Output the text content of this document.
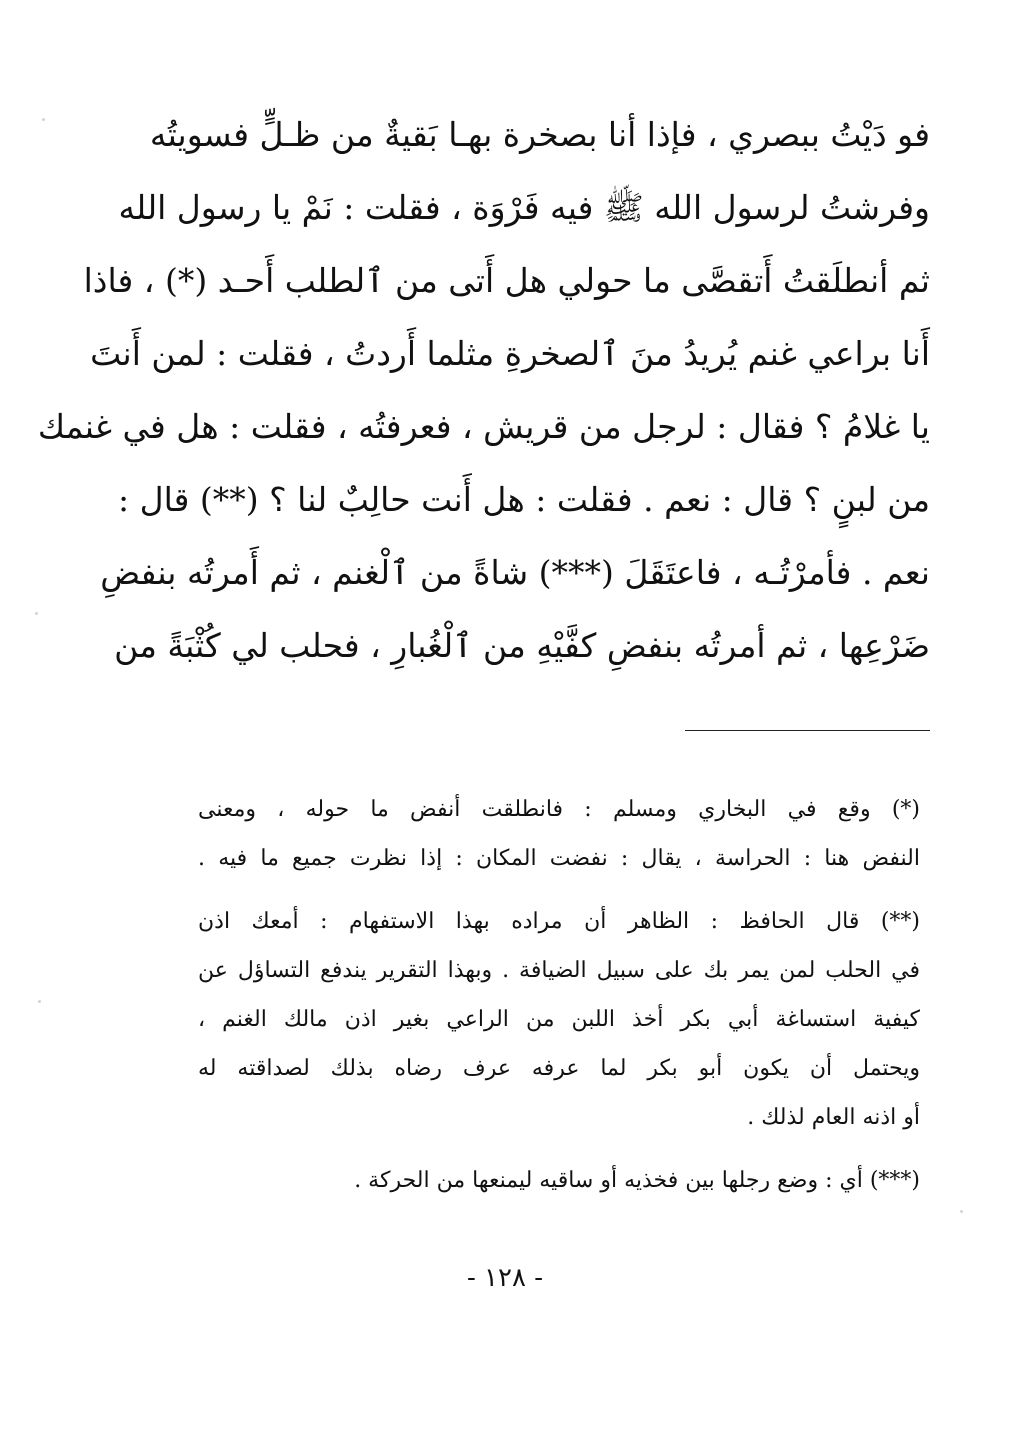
فو دَيْتُ ببصري ، فإذا أنا بصخرة بهـا بَقيةٌ من ظـلٍّ فسويتُه
وفرشتُ لرسول الله ﷺ فيه فَرْوَة ، فقلت : نَمْ يا رسول الله
ثم أنطلَقتُ أَتقصَّى ما حولي هل أَتى من ٱلطلب أَحـد (*) ، فاذا
أَنا براعي غنم يُريدُ منَ ٱلصخرةِ مثلما أَردتُ ، فقلت : لمن أَنتَ
يا غلامُ ؟ فقال : لرجل من قريش ، فعرفتُه ، فقلت : هل في غنمك
من لبنٍ ؟ قال : نعم . فقلت : هل أَنت حالِبٌ لنا ؟ (**) قال :
نعم . فأمرْتُـه ، فاعتَقَلَ (***) شاةً من ٱلْغنم ، ثم أَمرتُه بنفضِ
ضَرْعِها ، ثم أمرتُه بنفضِ كفَّيْهِ من ٱلْغُبارِ ، فحلب لي كُثْبَةً من
(*) وقع في البخاري ومسلم : فانطلقت أنفض ما حوله ، ومعنى
النفض هنا : الحراسة ، يقال : نفضت المكان : إذا نظرت جميع ما فيه .
(**) قال الحافظ : الظاهر أن مراده بهذا الاستفهام : أمعك اذن
في الحلب لمن يمر بك على سبيل الضيافة . وبهذا التقرير يندفع التساؤل عن
كيفية استساغة أبي بكر أخذ اللبن من الراعي بغير اذن مالك الغنم ،
ويحتمل أن يكون أبو بكر لما عرفه عرف رضاه بذلك لصداقته له
أو اذنه العام لذلك .
(***) أي : وضع رجلها بين فخذيه أو ساقيه ليمنعها من الحركة .
- ١٢٨ -
